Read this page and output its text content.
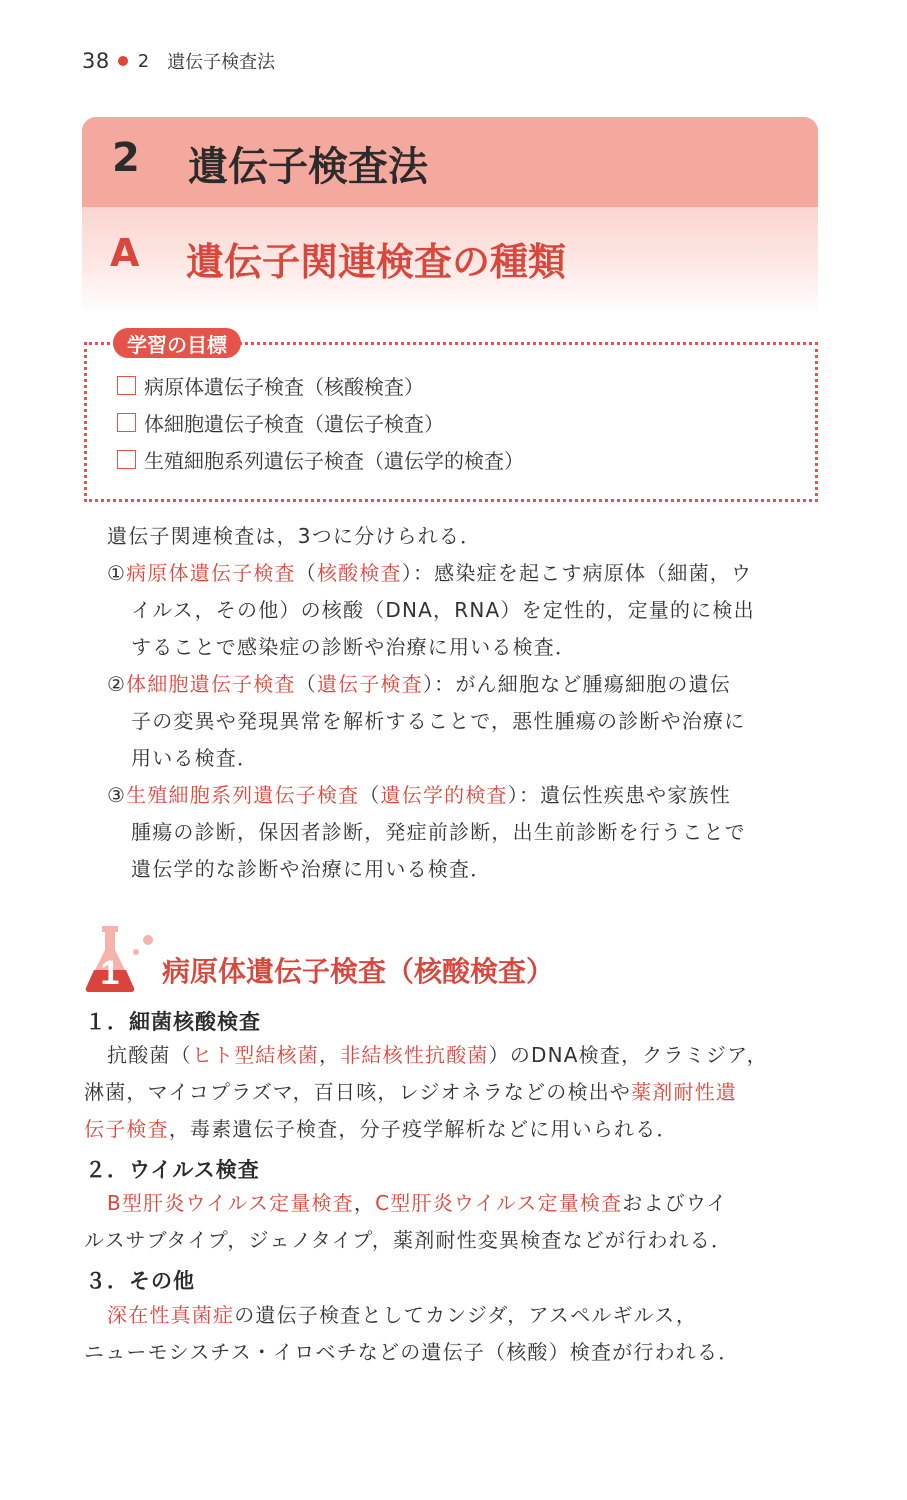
38 2 遺伝子検査法
2	遺伝子検査法
A	遺伝子関連検査の種類
学習の目標
病原体遺伝子検査（核酸検査）
体細胞遺伝子検査（遺伝子検査）
生殖細胞系列遺伝子検査（遺伝学的検査）
遺伝子関連検査は，3つに分けられる．
①病原体遺伝子検査（核酸検査）：感染症を起こす病原体（細菌，ウ
イルス，その他）の核酸（DNA，RNA）を定性的，定量的に検出
することで感染症の診断や治療に用いる検査．
②体細胞遺伝子検査（遺伝子検査）：がん細胞など腫瘍細胞の遺伝
子の変異や発現異常を解析することで，悪性腫瘍の診断や治療に
用いる検査．
③生殖細胞系列遺伝子検査（遺伝学的検査）：遺伝性疾患や家族性
腫瘍の診断，保因者診断，発症前診断，出生前診断を行うことで
遺伝学的な診断や治療に用いる検査．
1 病原体遺伝子検査（核酸検査）
１．細菌核酸検査
抗酸菌（ヒト型結核菌，非結核性抗酸菌）のDNA検査，クラミジア，
淋菌，マイコプラズマ，百日咳，レジオネラなどの検出や薬剤耐性遺
伝子検査，毒素遺伝子検査，分子疫学解析などに用いられる．
２．ウイルス検査
B型肝炎ウイルス定量検査，C型肝炎ウイルス定量検査およびウイ
ルスサブタイプ，ジェノタイプ，薬剤耐性変異検査などが行われる．
３．その他
深在性真菌症の遺伝子検査としてカンジダ，アスペルギルス，
ニューモシスチス・イロベチなどの遺伝子（核酸）検査が行われる．
